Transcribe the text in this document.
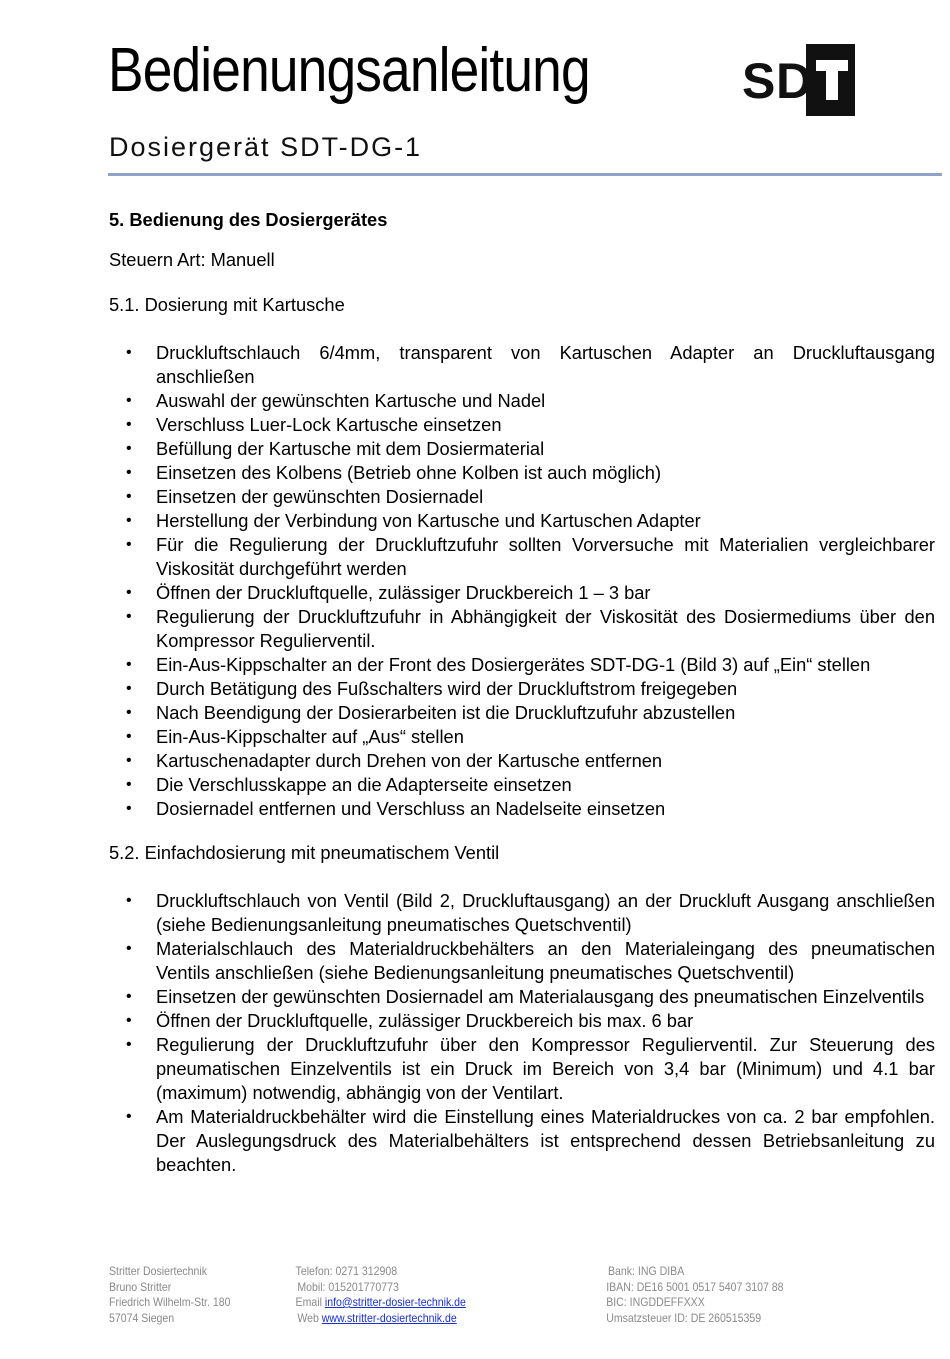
Bedienungsanleitung
Dosiergerät SDT-DG-1
S D
5. Bedienung des Dosiergerätes
Steuern Art: Manuell
5.1. Dosierung mit Kartusche
• Druckluftschlauch 6/4mm, transparent von Kartuschen Adapter an Druckluftausgang anschließen
• Auswahl der gewünschten Kartusche und Nadel
• Verschluss Luer-Lock Kartusche einsetzen
• Befüllung der Kartusche mit dem Dosiermaterial
• Einsetzen des Kolbens (Betrieb ohne Kolben ist auch möglich)
• Einsetzen der gewünschten Dosiernadel
• Herstellung der Verbindung von Kartusche und Kartuschen Adapter
• Für die Regulierung der Druckluftzufuhr sollten Vorversuche mit Materialien vergleichbarer Viskosität durchgeführt werden
• Öffnen der Druckluftquelle, zulässiger Druckbereich 1 – 3 bar
• Regulierung der Druckluftzufuhr in Abhängigkeit der Viskosität des Dosiermediums über den Kompressor Regulierventil.
• Ein-Aus-Kippschalter an der Front des Dosiergerätes SDT-DG-1 (Bild 3) auf „Ein“ stellen
• Durch Betätigung des Fußschalters wird der Druckluftstrom freigegeben
• Nach Beendigung der Dosierarbeiten ist die Druckluftzufuhr abzustellen
• Ein-Aus-Kippschalter auf „Aus“ stellen
• Kartuschenadapter durch Drehen von der Kartusche entfernen
• Die Verschlusskappe an die Adapterseite einsetzen
• Dosiernadel entfernen und Verschluss an Nadelseite einsetzen
5.2. Einfachdosierung mit pneumatischem Ventil
• Druckluftschlauch von Ventil (Bild 2, Druckluftausgang) an der Druckluft Ausgang anschließen (siehe Bedienungsanleitung pneumatisches Quetschventil)
• Materialschlauch des Materialdruckbehälters an den Materialeingang des pneumatischen Ventils anschließen (siehe Bedienungsanleitung pneumatisches Quetschventil)
• Einsetzen der gewünschten Dosiernadel am Materialausgang des pneumatischen Einzelventils
• Öffnen der Druckluftquelle, zulässiger Druckbereich bis max. 6 bar
• Regulierung der Druckluftzufuhr über den Kompressor Regulierventil. Zur Steuerung des pneumatischen Einzelventils ist ein Druck im Bereich von 3,4 bar (Minimum) und 4.1 bar (maximum) notwendig, abhängig von der Ventilart.
• Am Materialdruckbehälter wird die Einstellung eines Materialdruckes von ca. 2 bar empfohlen. Der Auslegungsdruck des Materialbehälters ist entsprechend dessen Betriebsanleitung zu beachten.
Stritter Dosiertechnik
Bruno Stritter
Friedrich Wilhelm-Str. 180
57074 Siegen
Telefon: 0271 312908
Mobil: 015201770773
Email info@stritter-dosier-technik.de
Web www.stritter-dosiertechnik.de
Bank: ING DIBA
IBAN: DE16 5001 0517 5407 3107 88
BIC: INGDDEFFXXX
Umsatzsteuer ID: DE 260515359
